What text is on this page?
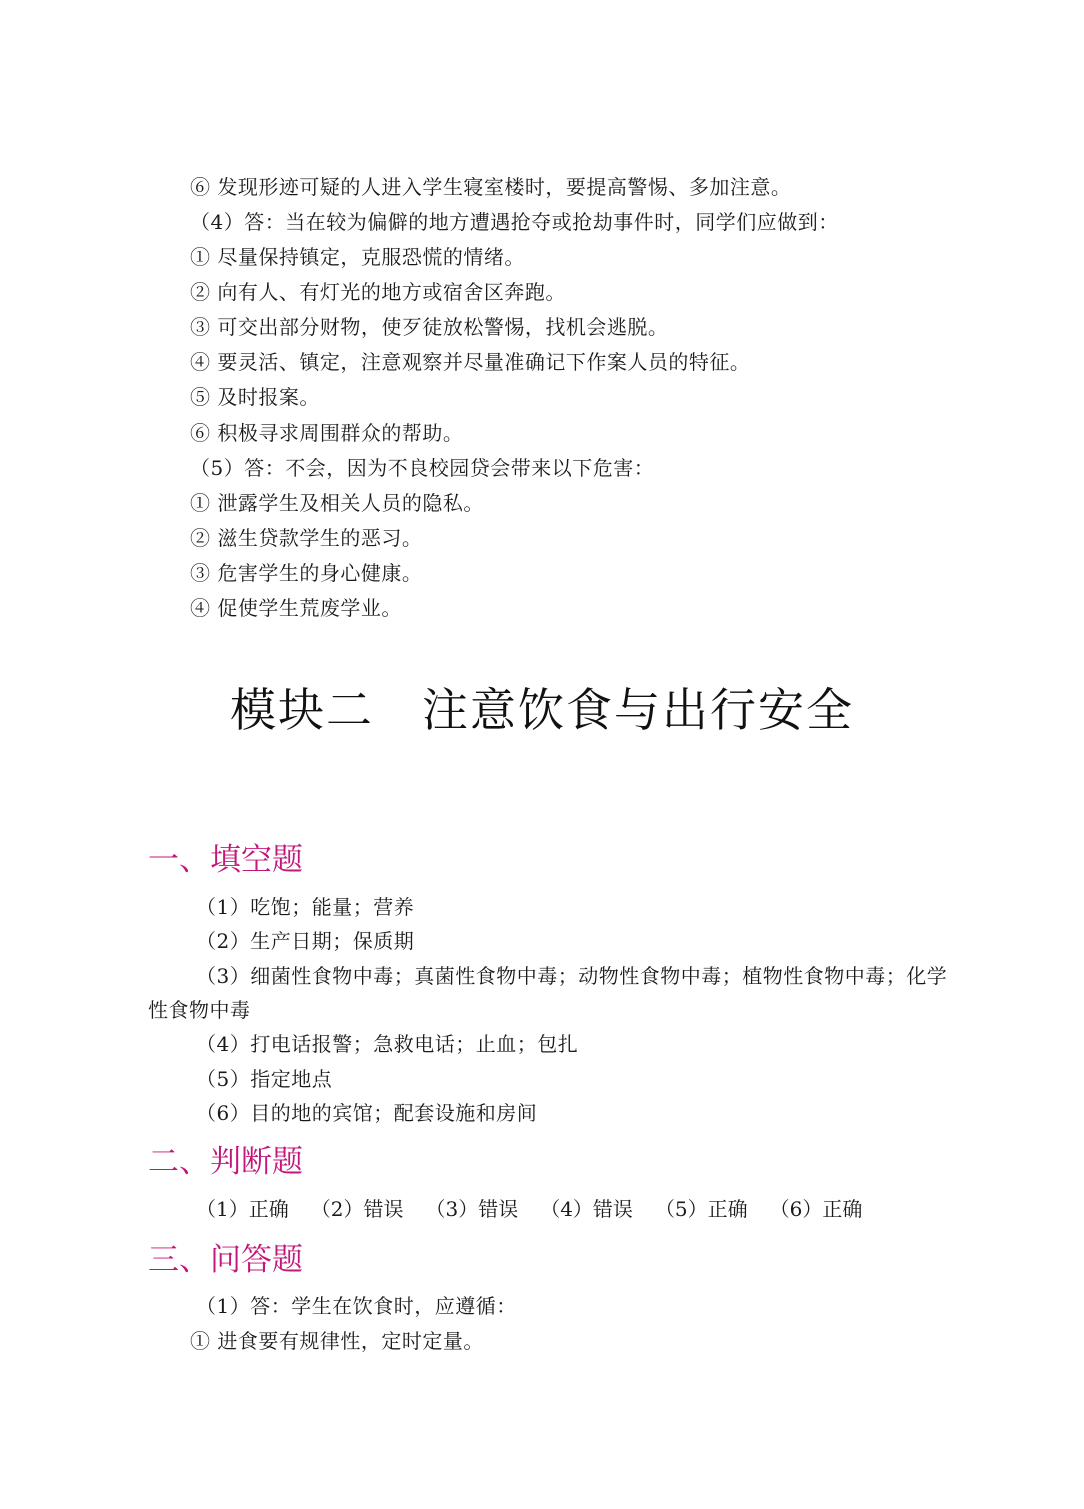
⑥ 发现形迹可疑的人进入学生寝室楼时，要提高警惕、多加注意。
（4）答：当在较为偏僻的地方遭遇抢夺或抢劫事件时，同学们应做到：
① 尽量保持镇定，克服恐慌的情绪。
② 向有人、有灯光的地方或宿舍区奔跑。
③ 可交出部分财物，使歹徒放松警惕，找机会逃脱。
④ 要灵活、镇定，注意观察并尽量准确记下作案人员的特征。
⑤ 及时报案。
⑥ 积极寻求周围群众的帮助。
（5）答：不会，因为不良校园贷会带来以下危害：
① 泄露学生及相关人员的隐私。
② 滋生贷款学生的恶习。
③ 危害学生的身心健康。
④ 促使学生荒废学业。
模块二　注意饮食与出行安全
一、填空题
（1）吃饱；能量；营养
（2）生产日期；保质期
（3）细菌性食物中毒；真菌性食物中毒；动物性食物中毒；植物性食物中毒；化学
性食物中毒
（4）打电话报警；急救电话；止血；包扎
（5）指定地点
（6）目的地的宾馆；配套设施和房间
二、判断题
（1）正确 （2）错误 （3）错误 （4）错误 （5）正确 （6）正确
三、问答题
（1）答：学生在饮食时，应遵循：
① 进食要有规律性，定时定量。
